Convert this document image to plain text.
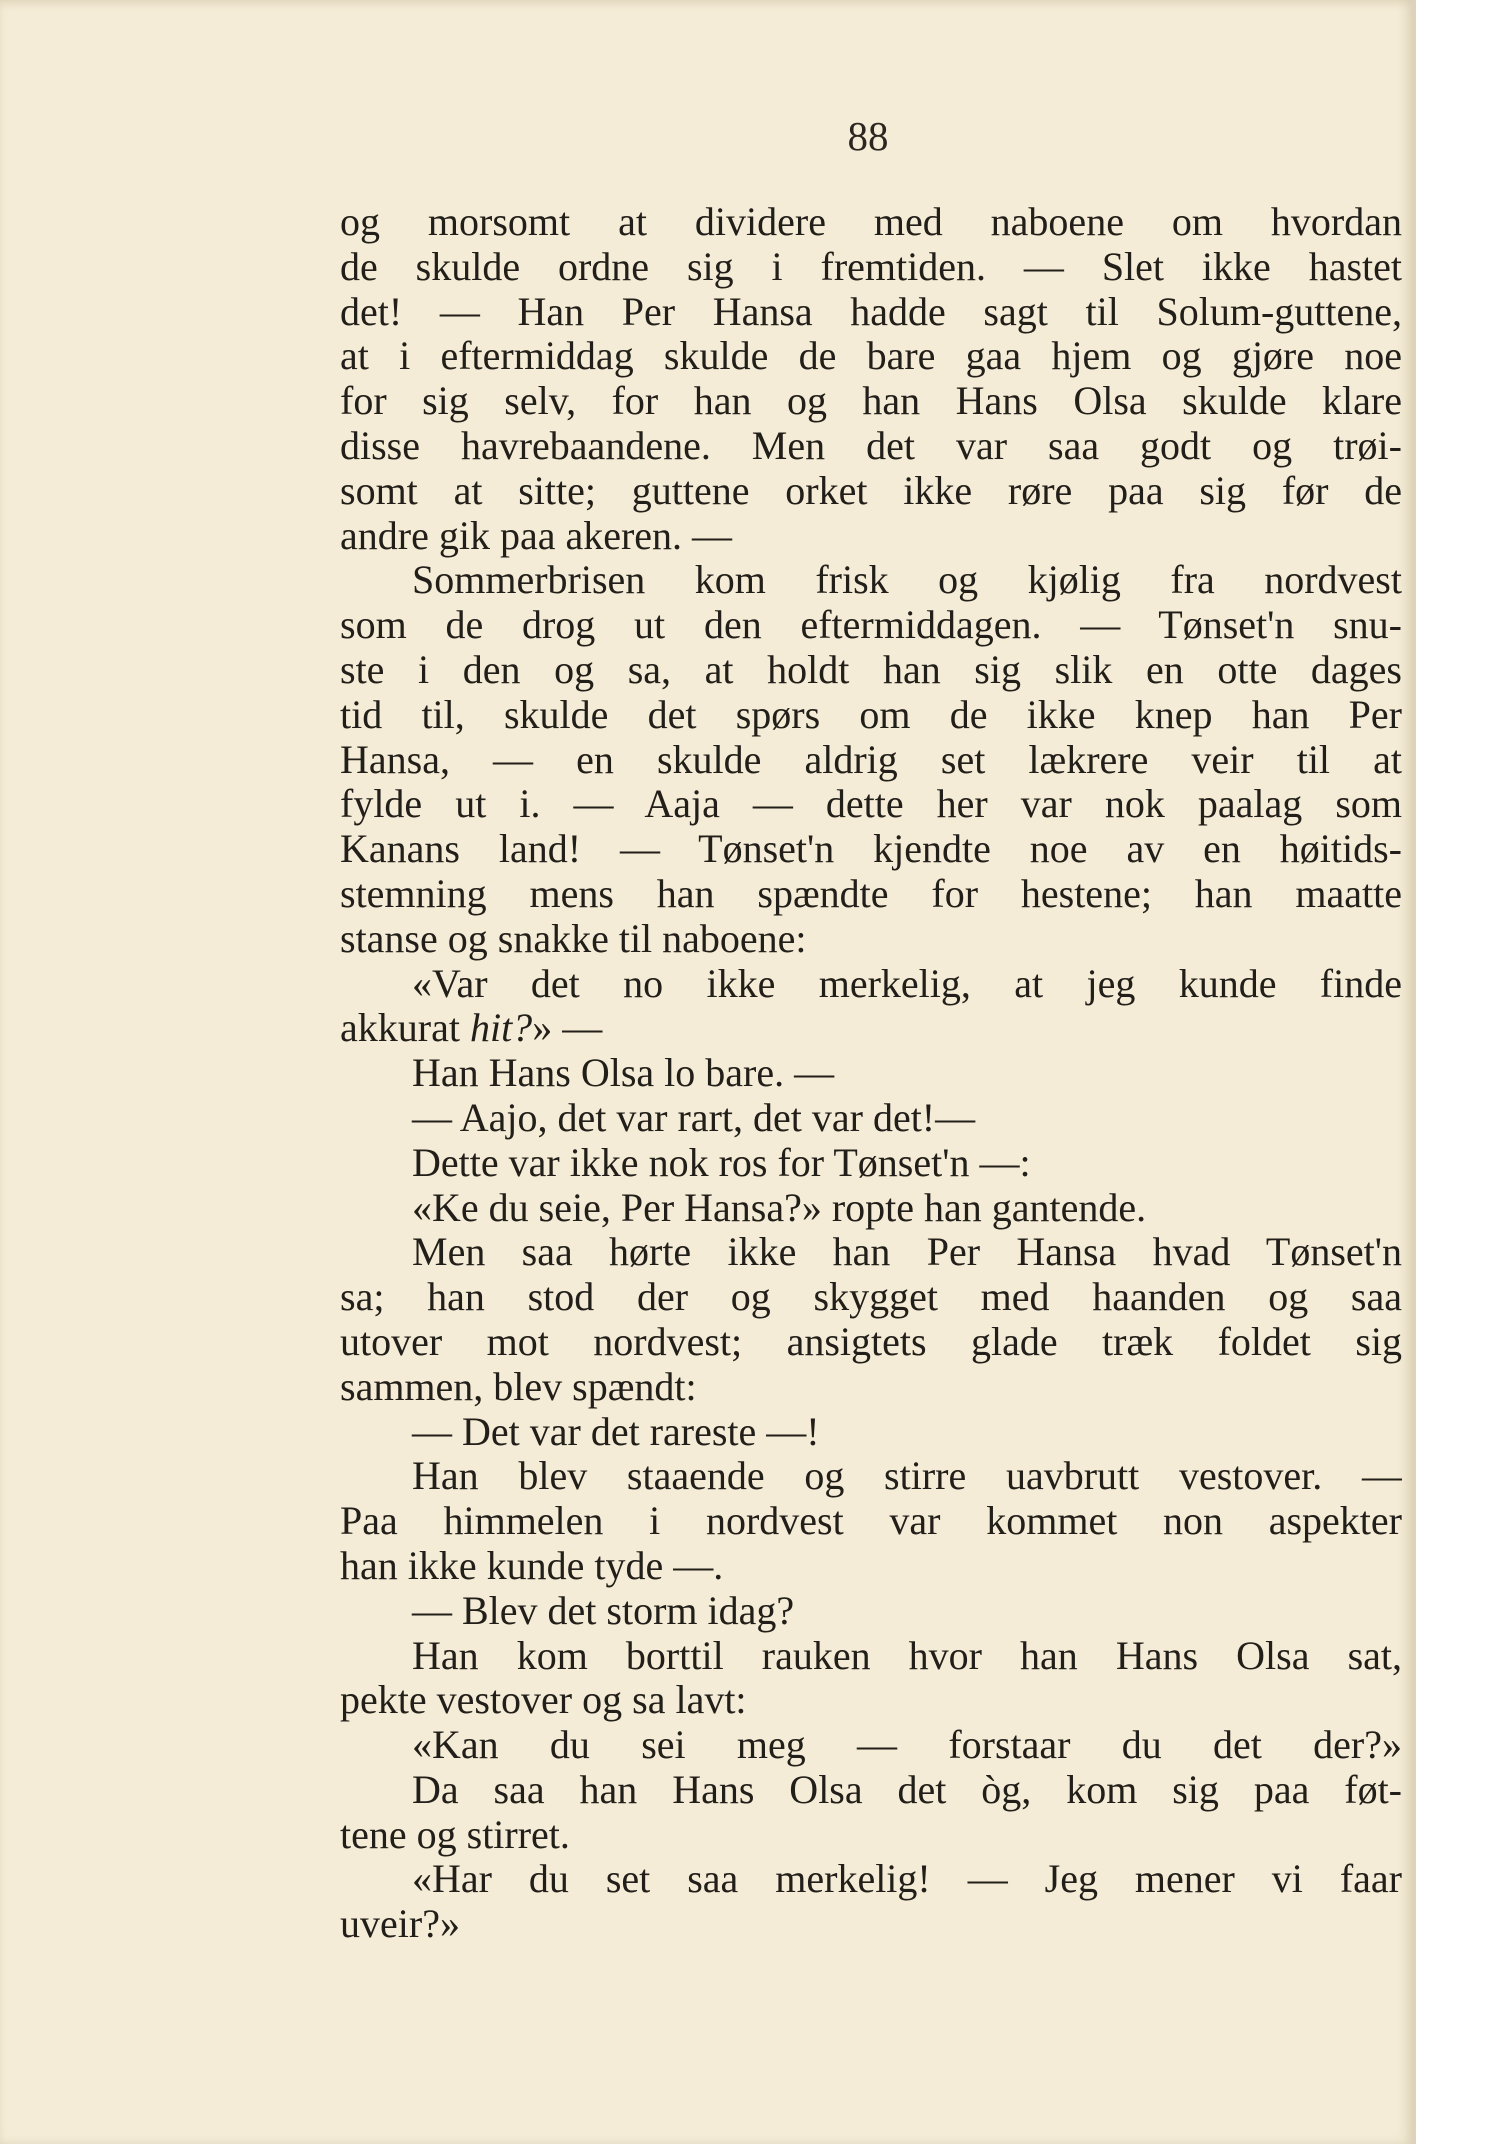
88
og morsomt at dividere med naboene om hvordan
de skulde ordne sig i fremtiden. — Slet ikke hastet
det! — Han Per Hansa hadde sagt til Solum-guttene,
at i eftermiddag skulde de bare gaa hjem og gjøre noe
for sig selv, for han og han Hans Olsa skulde klare
disse havrebaandene. Men det var saa godt og trøi-
somt at sitte; guttene orket ikke røre paa sig før de
andre gik paa akeren. —
Sommerbrisen kom frisk og kjølig fra nordvest
som de drog ut den eftermiddagen. — Tønset'n snu-
ste i den og sa, at holdt han sig slik en otte dages
tid til, skulde det spørs om de ikke knep han Per
Hansa, — en skulde aldrig set lækrere veir til at
fylde ut i. — Aaja — dette her var nok paalag som
Kanans land! — Tønset'n kjendte noe av en høitids-
stemning mens han spændte for hestene; han maatte
stanse og snakke til naboene:
«Var det no ikke merkelig, at jeg kunde finde
akkurat hit?» —
Han Hans Olsa lo bare. —
— Aajo, det var rart, det var det!—
Dette var ikke nok ros for Tønset'n —:
«Ke du seie, Per Hansa?» ropte han gantende.
Men saa hørte ikke han Per Hansa hvad Tønset'n
sa; han stod der og skygget med haanden og saa
utover mot nordvest; ansigtets glade træk foldet sig
sammen, blev spændt:
— Det var det rareste —!
Han blev staaende og stirre uavbrutt vestover. —
Paa himmelen i nordvest var kommet non aspekter
han ikke kunde tyde —.
— Blev det storm idag?
Han kom borttil rauken hvor han Hans Olsa sat,
pekte vestover og sa lavt:
«Kan du sei meg — forstaar du det der?»
Da saa han Hans Olsa det òg, kom sig paa føt-
tene og stirret.
«Har du set saa merkelig! — Jeg mener vi faar
uveir?»
